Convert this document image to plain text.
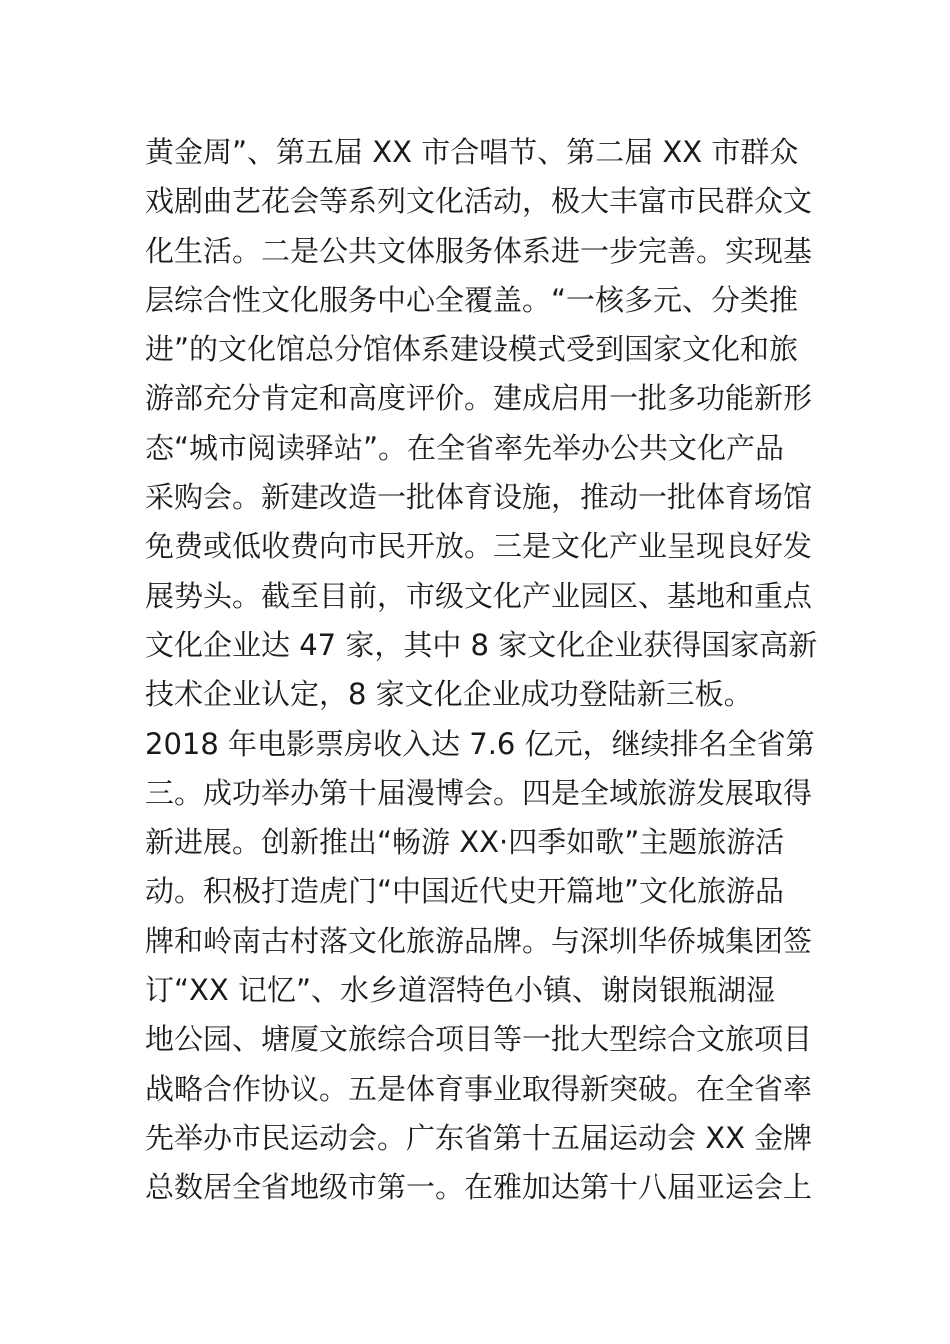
黄金周”、第五届 XX 市合唱节、第二届 XX 市群众
戏剧曲艺花会等系列文化活动，极大丰富市民群众文
化生活。二是公共文体服务体系进一步完善。实现基
层综合性文化服务中心全覆盖。“一核多元、分类推
进”的文化馆总分馆体系建设模式受到国家文化和旅
游部充分肯定和高度评价。建成启用一批多功能新形
态“城市阅读驿站”。在全省率先举办公共文化产品
采购会。新建改造一批体育设施，推动一批体育场馆
免费或低收费向市民开放。三是文化产业呈现良好发
展势头。截至目前，市级文化产业园区、基地和重点
文化企业达 47 家，其中 8 家文化企业获得国家高新
技术企业认定，8 家文化企业成功登陆新三板。
2018 年电影票房收入达 7.6 亿元，继续排名全省第
三。成功举办第十届漫博会。四是全域旅游发展取得
新进展。创新推出“畅游 XX·四季如歌”主题旅游活
动。积极打造虎门“中国近代史开篇地”文化旅游品
牌和岭南古村落文化旅游品牌。与深圳华侨城集团签
订“XX 记忆”、水乡道滘特色小镇、谢岗银瓶湖湿
地公园、塘厦文旅综合项目等一批大型综合文旅项目
战略合作协议。五是体育事业取得新突破。在全省率
先举办市民运动会。广东省第十五届运动会 XX 金牌
总数居全省地级市第一。在雅加达第十八届亚运会上
